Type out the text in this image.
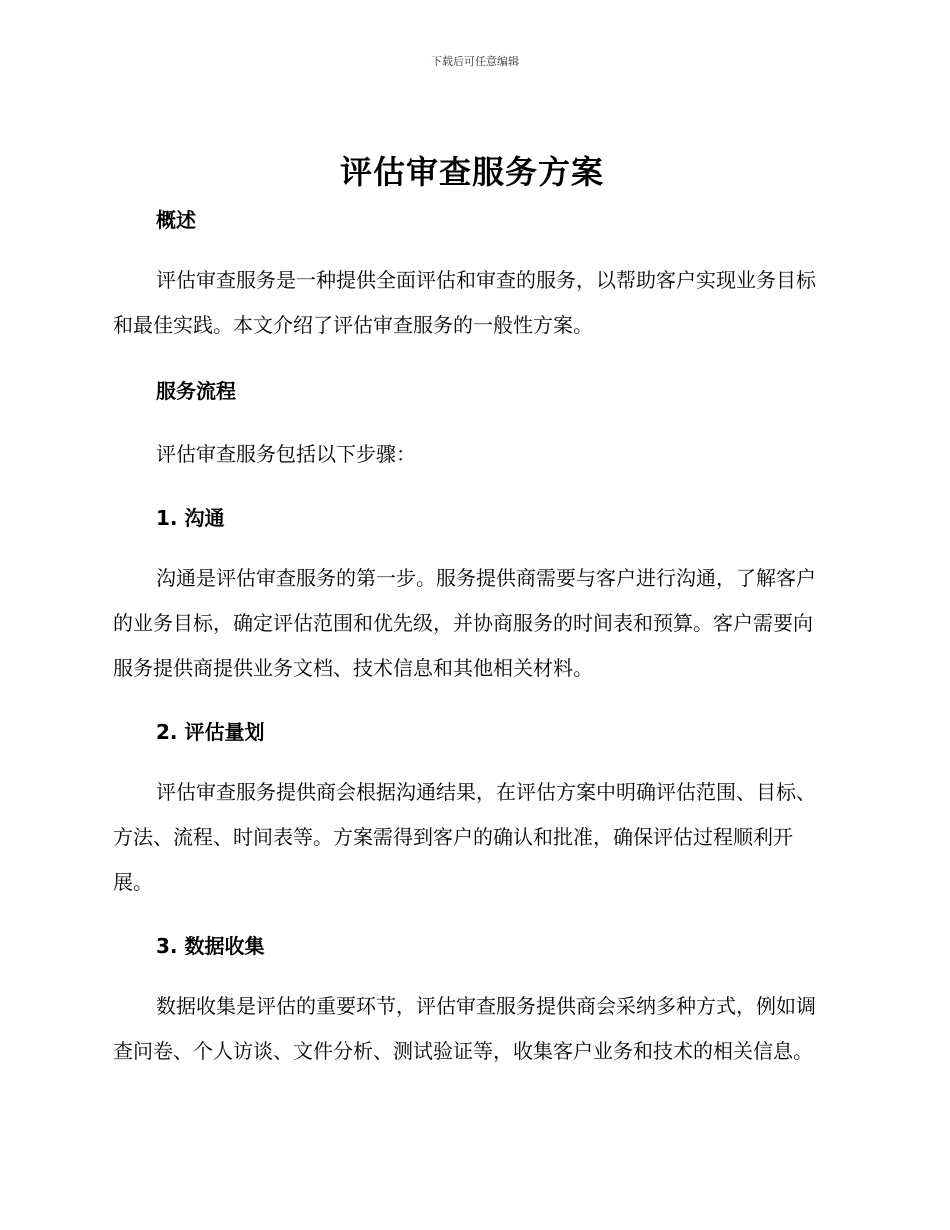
下载后可任意编辑
评估审查服务方案
概述

评估审查服务是一种提供全面评估和审查的服务，以帮助客户实现业务目标和最佳实践。本文介绍了评估审查服务的一般性方案。

服务流程

评估审查服务包括以下步骤：

1. 沟通

沟通是评估审查服务的第一步。服务提供商需要与客户进行沟通，了解客户的业务目标，确定评估范围和优先级，并协商服务的时间表和预算。客户需要向服务提供商提供业务文档、技术信息和其他相关材料。

2. 评估量划

评估审查服务提供商会根据沟通结果，在评估方案中明确评估范围、目标、方法、流程、时间表等。方案需得到客户的确认和批准，确保评估过程顺利开展。

3. 数据收集

数据收集是评估的重要环节，评估审查服务提供商会采纳多种方式，例如调查问卷、个人访谈、文件分析、测试验证等，收集客户业务和技术的相关信息。
